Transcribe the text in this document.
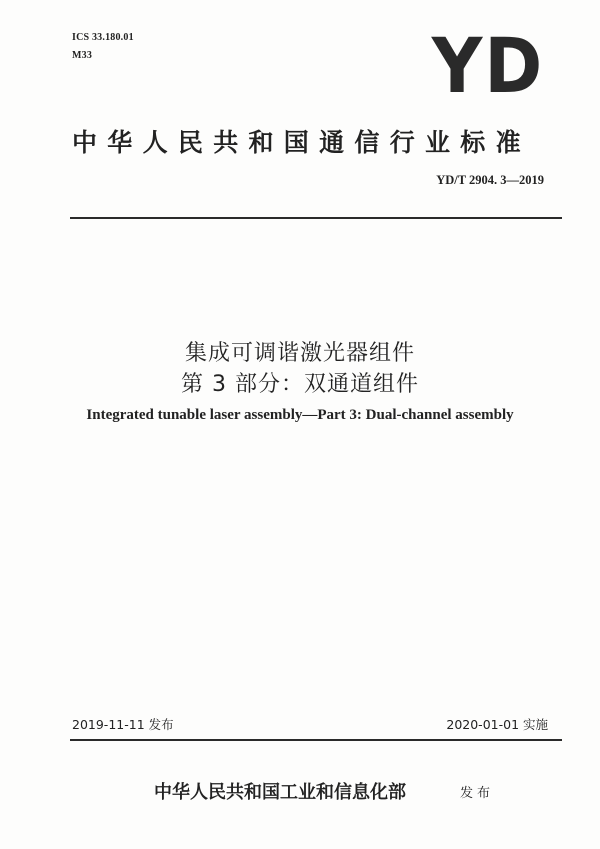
ICS 33.180.01
M33	YD
中华人民共和国通信行业标准
YD/T 2904. 3—2019
集成可调谐激光器组件
第 3 部分：双通道组件
Integrated tunable laser assembly—Part 3: Dual-channel assembly
2019-11-11 发布	2020-01-01 实施
中华人民共和国工业和信息化部	发布
